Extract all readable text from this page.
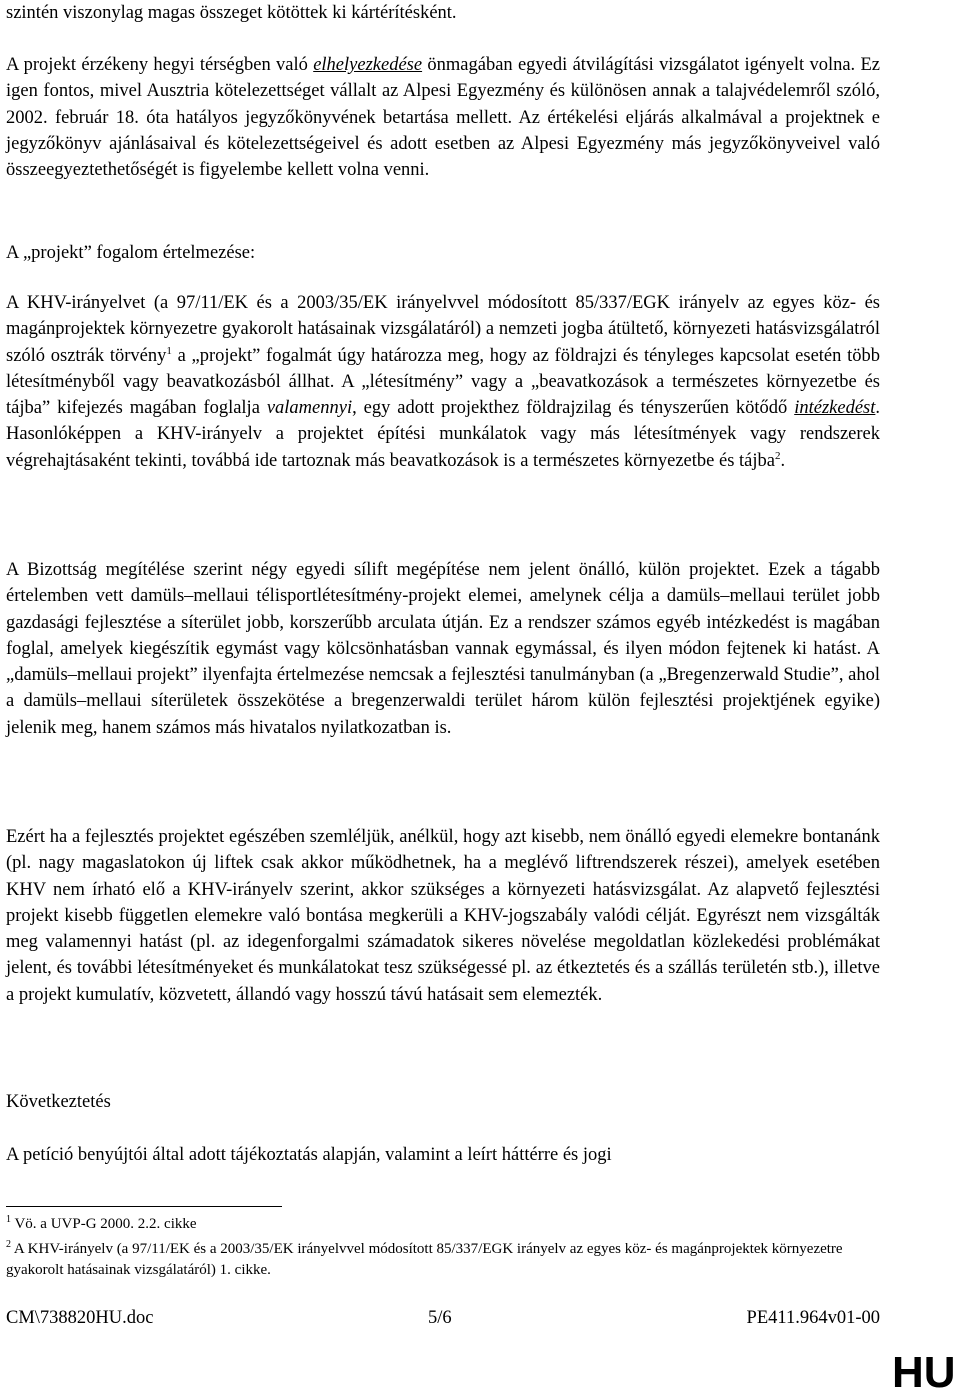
szintén viszonylag magas összeget kötöttek ki kártérítésként.

A projekt érzékeny hegyi térségben való elhelyezkedése önmagában egyedi átvilágítási vizsgálatot igényelt volna. Ez igen fontos, mivel Ausztria kötelezettséget vállalt az Alpesi Egyezmény és különösen annak a talajvédelemről szóló, 2002. február 18. óta hatályos jegyzőkönyvének betartása mellett. Az értékelési eljárás alkalmával a projektnek e jegyzőkönyv ajánlásaival és kötelezettségeivel és adott esetben az Alpesi Egyezmény más jegyzőkönyveivel való összeegyeztethetőségét is figyelembe kellett volna venni.

A „projekt” fogalom értelmezése:

A KHV-irányelvet (a 97/11/EK és a 2003/35/EK irányelvvel módosított 85/337/EGK irányelv az egyes köz- és magánprojektek környezetre gyakorolt hatásainak vizsgálatáról) a nemzeti jogba átültető, környezeti hatásvizsgálatról szóló osztrák törvény$^1$ a „projekt” fogalmát úgy határozza meg, hogy az földrajzi és tényleges kapcsolat esetén több létesítményből vagy beavatkozásból állhat. A „létesítmény” vagy a „beavatkozások a természetes környezetbe és tájba” kifejezés magában foglalja valamennyi, egy adott projekthez földrajzilag és tényszerűen kötődő intézkedést. Hasonlóképpen a KHV-irányelv a projektet építési munkálatok vagy más létesítmények vagy rendszerek végrehajtásaként tekinti, továbbá ide tartoznak más beavatkozások is a természetes környezetbe és tájba$^2$.

A Bizottság megítélése szerint négy egyedi sílift megépítése nem jelent önálló, külön projektet. Ezek a tágabb értelemben vett damüls–mellaui télisportlétesítmény-projekt elemei, amelynek célja a damüls–mellaui terület jobb gazdasági fejlesztése a síterület jobb, korszerűbb arculata útján. Ez a rendszer számos egyéb intézkedést is magában foglal, amelyek kiegészítik egymást vagy kölcsönhatásban vannak egymással, és ilyen módon fejtenek ki hatást. A „damüls–mellaui projekt” ilyenfajta értelmezése nemcsak a fejlesztési tanulmányban (a „Bregenzerwald Studie”, ahol a damüls–mellaui síterületek összekötése a bregenzerwaldi terület három külön fejlesztési projektjének egyike) jelenik meg, hanem számos más hivatalos nyilatkozatban is.

Ezért ha a fejlesztés projektet egészében szemléljük, anélkül, hogy azt kisebb, nem önálló egyedi elemekre bontanánk (pl. nagy magaslatokon új liftek csak akkor működhetnek, ha a meglévő liftrendszerek részei), amelyek esetében KHV nem írható elő a KHV-irányelv szerint, akkor szükséges a környezeti hatásvizsgálat. Az alapvető fejlesztési projekt kisebb független elemekre való bontása megkerüli a KHV-jogszabály valódi célját. Egyrészt nem vizsgálták meg valamennyi hatást (pl. az idegenforgalmi számadatok sikeres növelése megoldatlan közlekedési problémákat jelent, és további létesítményeket és munkálatokat tesz szükségessé pl. az étkeztetés és a szállás területén stb.), illetve a projekt kumulatív, közvetett, állandó vagy hosszú távú hatásait sem elemezték.

Következtetés

A petíció benyújtói által adott tájékoztatás alapján, valamint a leírt háttérre és jogi

$^1$ Vö. a UVP-G 2000. 2.2. cikke
$^2$ A KHV-irányelv (a 97/11/EK és a 2003/35/EK irányelvvel módosított 85/337/EGK irányelv az egyes köz- és magánprojektek környezetre gyakorolt hatásainak vizsgálatáról) 1. cikke.
CM\738820HU.doc	5/6	PE411.964v01-00
HU
